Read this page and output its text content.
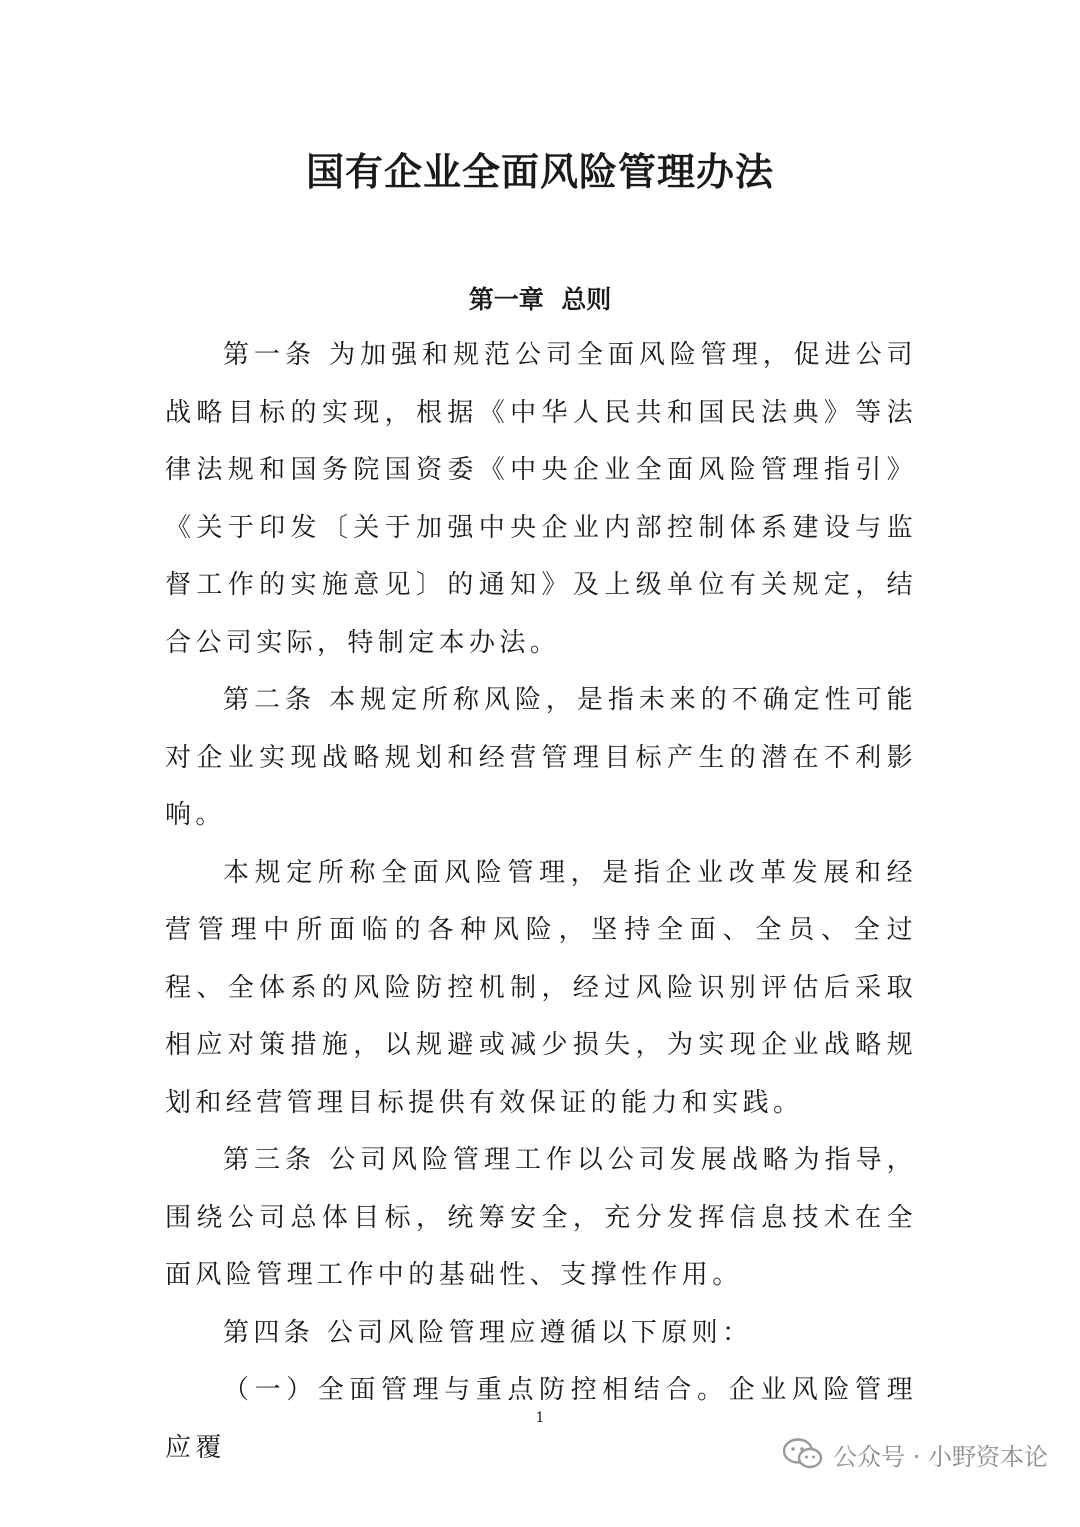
国有企业全面风险管理办法
第一章  总则

第一条 为加强和规范公司全面风险管理，促进公司战略目标的实现，根据《中华人民共和国民法典》等法律法规和国务院国资委《中央企业全面风险管理指引》《关于印发〔关于加强中央企业内部控制体系建设与监督工作的实施意见〕的通知》及上级单位有关规定，结合公司实际，特制定本办法。

第二条 本规定所称风险，是指未来的不确定性可能对企业实现战略规划和经营管理目标产生的潜在不利影响。

本规定所称全面风险管理，是指企业改革发展和经营管理中所面临的各种风险，坚持全面、全员、全过程、全体系的风险防控机制，经过风险识别评估后采取相应对策措施，以规避或减少损失，为实现企业战略规划和经营管理目标提供有效保证的能力和实践。

第三条 公司风险管理工作以公司发展战略为指导，围绕公司总体目标，统筹安全，充分发挥信息技术在全面风险管理工作中的基础性、支撑性作用。

第四条 公司风险管理应遵循以下原则：

（一）全面管理与重点防控相结合。企业风险管理应覆

1

公众号 · 小野资本论
